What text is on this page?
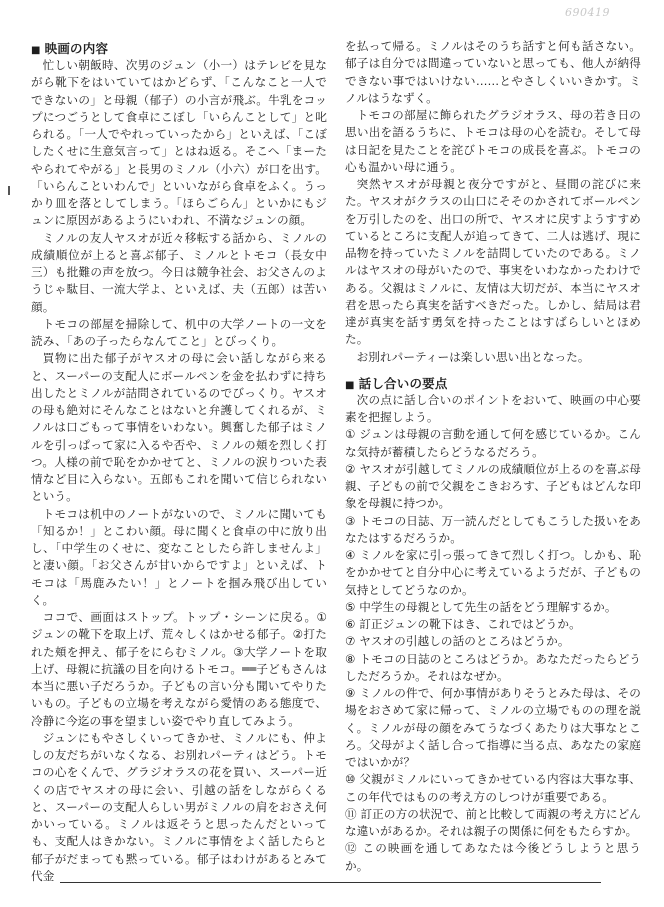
690419
■ 映画の内容

忙しい朝飯時、次男のジュン（小一）はテレビを見ながら靴下をはいていてはかどらず、「こんなこと一人でできないの」と母親（郁子）の小言が飛ぶ。牛乳をコップにつごうとして食卓にこぼし「いらんことして」と叱られる。「一人でやれっていったから」といえば、「こぼしたくせに生意気言って」とはね返る。そこへ「まーたやられてやがる」と長男のミノル（小六）が口を出す。「いらんこといわんで」といいながら食卓をふく。うっかり皿を落としてしまう。「ほらごらん」といかにもジュンに原因があるようにいわれ、不満なジュンの顔。

ミノルの友人ヤスオが近々移転する話から、ミノルの成績順位が上ると喜ぶ郁子、ミノルとトモコ（長女中三）も批難の声を放つ。今日は競争社会、お父さんのようじゃ駄目、一流大学よ、といえば、夫（五郎）は苦い顔。

トモコの部屋を掃除して、机中の大学ノートの一文を読み、「あの子ったらなんてこと」とびっくり。

買物に出た郁子がヤスオの母に会い話しながら来ると、スーパーの支配人にボールペンを金を払わずに持ち出したとミノルが詰問されているのでびっくり。ヤスオの母も絶対にそんなことはないと弁護してくれるが、ミノルは口ごもって事情をいわない。興奮した郁子はミノルを引っぱって家に入るや否や、ミノルの頬を烈しく打つ。人様の前で恥をかかせてと、ミノルの涙りついた表情など目に入らない。五郎もこれを聞いて信じられないという。

トモコは机中のノートがないので、ミノルに聞いても「知るか！」とこわい顔。母に聞くと食卓の中に放り出し、「中学生のくせに、変なことしたら許しませんよ」と凄い顔。「お父さんが甘いからですよ」といえば、トモコは「馬鹿みたい！」とノートを掴み飛び出していく。

ココで、画面はストップ。トップ・シーンに戻る。①ジュンの靴下を取上げ、荒々しくはかせる郁子。②打たれた頬を押え、郁子をにらむミノル。③大学ノートを取上げ、母親に抗議の目を向けるトモコ。══子どもさんは本当に悪い子だろうか。子どもの言い分も聞いてやりたいもの。子どもの立場を考えながら愛情のある態度で、冷静に今迄の事を望ましい姿でやり直してみよう。

ジュンにもやさしくいってきかせ、ミノルにも、仲よしの友だちがいなくなる、お別れパーティはどう。トモコの心をくんで、グラジオラスの花を買い、スーパー近くの店でヤスオの母に会い、引越の話をしながらくると、スーパーの支配人らしい男がミノルの肩をおさえ何かいっている。ミノルは返そうと思ったんだといっても、支配人はきかない。ミノルに事情をよく話したらと郁子がだまっても黙っている。郁子はわけがあるとみて代金

を払って帰る。ミノルはそのうち話すと何も話さない。郁子は自分では間違っていないと思っても、他人が納得できない事ではいけない……とやさしくいいきかす。ミノルはうなずく。

トモコの部屋に飾られたグラジオラス、母の若き日の思い出を語るうちに、トモコは母の心を読む。そして母は日記を見たことを詫びトモコの成長を喜ぶ。トモコの心も温かい母に通う。

突然ヤスオが母親と夜分ですがと、昼間の詫びに来た。ヤスオがクラスの山口にそそのかされてボールペンを万引したのを、出口の所で、ヤスオに戻すようすすめているところに支配人が追ってきて、二人は逃げ、現に品物を持っていたミノルを詰問していたのである。ミノルはヤスオの母がいたので、事実をいわなかったわけである。父親はミノルに、友情は大切だが、本当にヤスオ君を思ったら真実を話すべきだった。しかし、結局は君達が真実を話す勇気を持ったことはすばらしいとほめた。

お別れパーティーは楽しい思い出となった。

■ 話し合いの要点

次の点に話し合いのポイントをおいて、映画の中心要素を把握しよう。

① ジュンは母親の言動を通して何を感じているか。こんな気持が蓄積したらどうなるだろう。

② ヤスオが引越してミノルの成績順位が上るのを喜ぶ母親、子どもの前で父親をこきおろす、子どもはどんな印象を母親に持つか。

③ トモコの日誌、万一読んだとしてもこうした扱いをあなたはするだろうか。

④ ミノルを家に引っ張ってきて烈しく打つ。しかも、恥をかかせてと自分中心に考えているようだが、子どもの気持としてどうなのか。

⑤ 中学生の母親として先生の話をどう理解するか。

⑥ 訂正ジュンの靴下はき、これではどうか。

⑦ ヤスオの引越しの話のところはどうか。

⑧ トモコの日誌のところはどうか。あなただったらどうしただろうか。それはなぜか。

⑨ ミノルの件で、何か事情がありそうとみた母は、その場をおさめて家に帰って、ミノルの立場でものの理を説く。ミノルが母の顔をみてうなづくあたりは大事なところ。父母がよく話し合って指導に当る点、あなたの家庭ではいかが？

⑩ 父親がミノルにいってきかせている内容は大事な事、この年代ではものの考え方のしつけが重要である。

⑪ 訂正の方の状況で、前と比較して両親の考え方にどんな違いがあるか。それは親子の関係に何をもたらすか。

⑫ この映画を通してあなたは今後どうしようと思うか。
